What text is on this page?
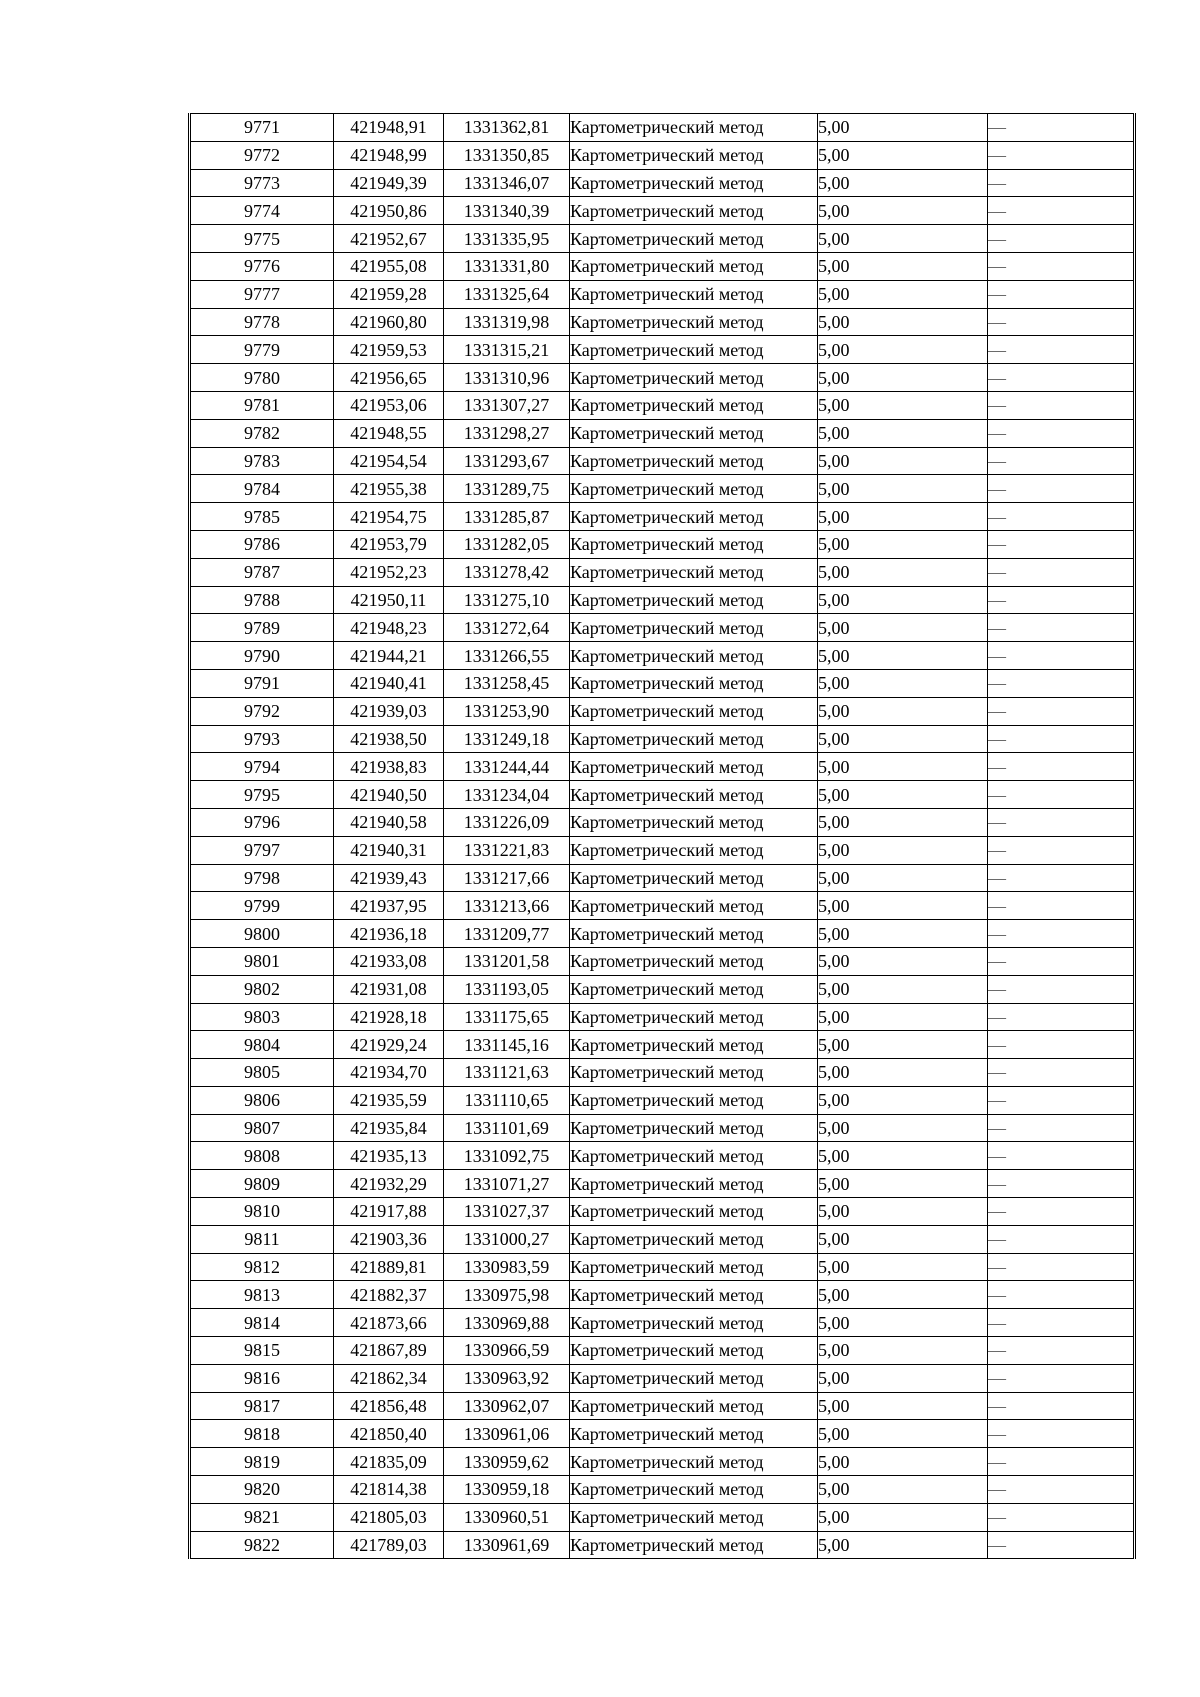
9771	421948,91	1331362,81	Картометрический метод	5,00	—
9772	421948,99	1331350,85	Картометрический метод	5,00	—
9773	421949,39	1331346,07	Картометрический метод	5,00	—
9774	421950,86	1331340,39	Картометрический метод	5,00	—
9775	421952,67	1331335,95	Картометрический метод	5,00	—
9776	421955,08	1331331,80	Картометрический метод	5,00	—
9777	421959,28	1331325,64	Картометрический метод	5,00	—
9778	421960,80	1331319,98	Картометрический метод	5,00	—
9779	421959,53	1331315,21	Картометрический метод	5,00	—
9780	421956,65	1331310,96	Картометрический метод	5,00	—
9781	421953,06	1331307,27	Картометрический метод	5,00	—
9782	421948,55	1331298,27	Картометрический метод	5,00	—
9783	421954,54	1331293,67	Картометрический метод	5,00	—
9784	421955,38	1331289,75	Картометрический метод	5,00	—
9785	421954,75	1331285,87	Картометрический метод	5,00	—
9786	421953,79	1331282,05	Картометрический метод	5,00	—
9787	421952,23	1331278,42	Картометрический метод	5,00	—
9788	421950,11	1331275,10	Картометрический метод	5,00	—
9789	421948,23	1331272,64	Картометрический метод	5,00	—
9790	421944,21	1331266,55	Картометрический метод	5,00	—
9791	421940,41	1331258,45	Картометрический метод	5,00	—
9792	421939,03	1331253,90	Картометрический метод	5,00	—
9793	421938,50	1331249,18	Картометрический метод	5,00	—
9794	421938,83	1331244,44	Картометрический метод	5,00	—
9795	421940,50	1331234,04	Картометрический метод	5,00	—
9796	421940,58	1331226,09	Картометрический метод	5,00	—
9797	421940,31	1331221,83	Картометрический метод	5,00	—
9798	421939,43	1331217,66	Картометрический метод	5,00	—
9799	421937,95	1331213,66	Картометрический метод	5,00	—
9800	421936,18	1331209,77	Картометрический метод	5,00	—
9801	421933,08	1331201,58	Картометрический метод	5,00	—
9802	421931,08	1331193,05	Картометрический метод	5,00	—
9803	421928,18	1331175,65	Картометрический метод	5,00	—
9804	421929,24	1331145,16	Картометрический метод	5,00	—
9805	421934,70	1331121,63	Картометрический метод	5,00	—
9806	421935,59	1331110,65	Картометрический метод	5,00	—
9807	421935,84	1331101,69	Картометрический метод	5,00	—
9808	421935,13	1331092,75	Картометрический метод	5,00	—
9809	421932,29	1331071,27	Картометрический метод	5,00	—
9810	421917,88	1331027,37	Картометрический метод	5,00	—
9811	421903,36	1331000,27	Картометрический метод	5,00	—
9812	421889,81	1330983,59	Картометрический метод	5,00	—
9813	421882,37	1330975,98	Картометрический метод	5,00	—
9814	421873,66	1330969,88	Картометрический метод	5,00	—
9815	421867,89	1330966,59	Картометрический метод	5,00	—
9816	421862,34	1330963,92	Картометрический метод	5,00	—
9817	421856,48	1330962,07	Картометрический метод	5,00	—
9818	421850,40	1330961,06	Картометрический метод	5,00	—
9819	421835,09	1330959,62	Картометрический метод	5,00	—
9820	421814,38	1330959,18	Картометрический метод	5,00	—
9821	421805,03	1330960,51	Картометрический метод	5,00	—
9822	421789,03	1330961,69	Картометрический метод	5,00	—
